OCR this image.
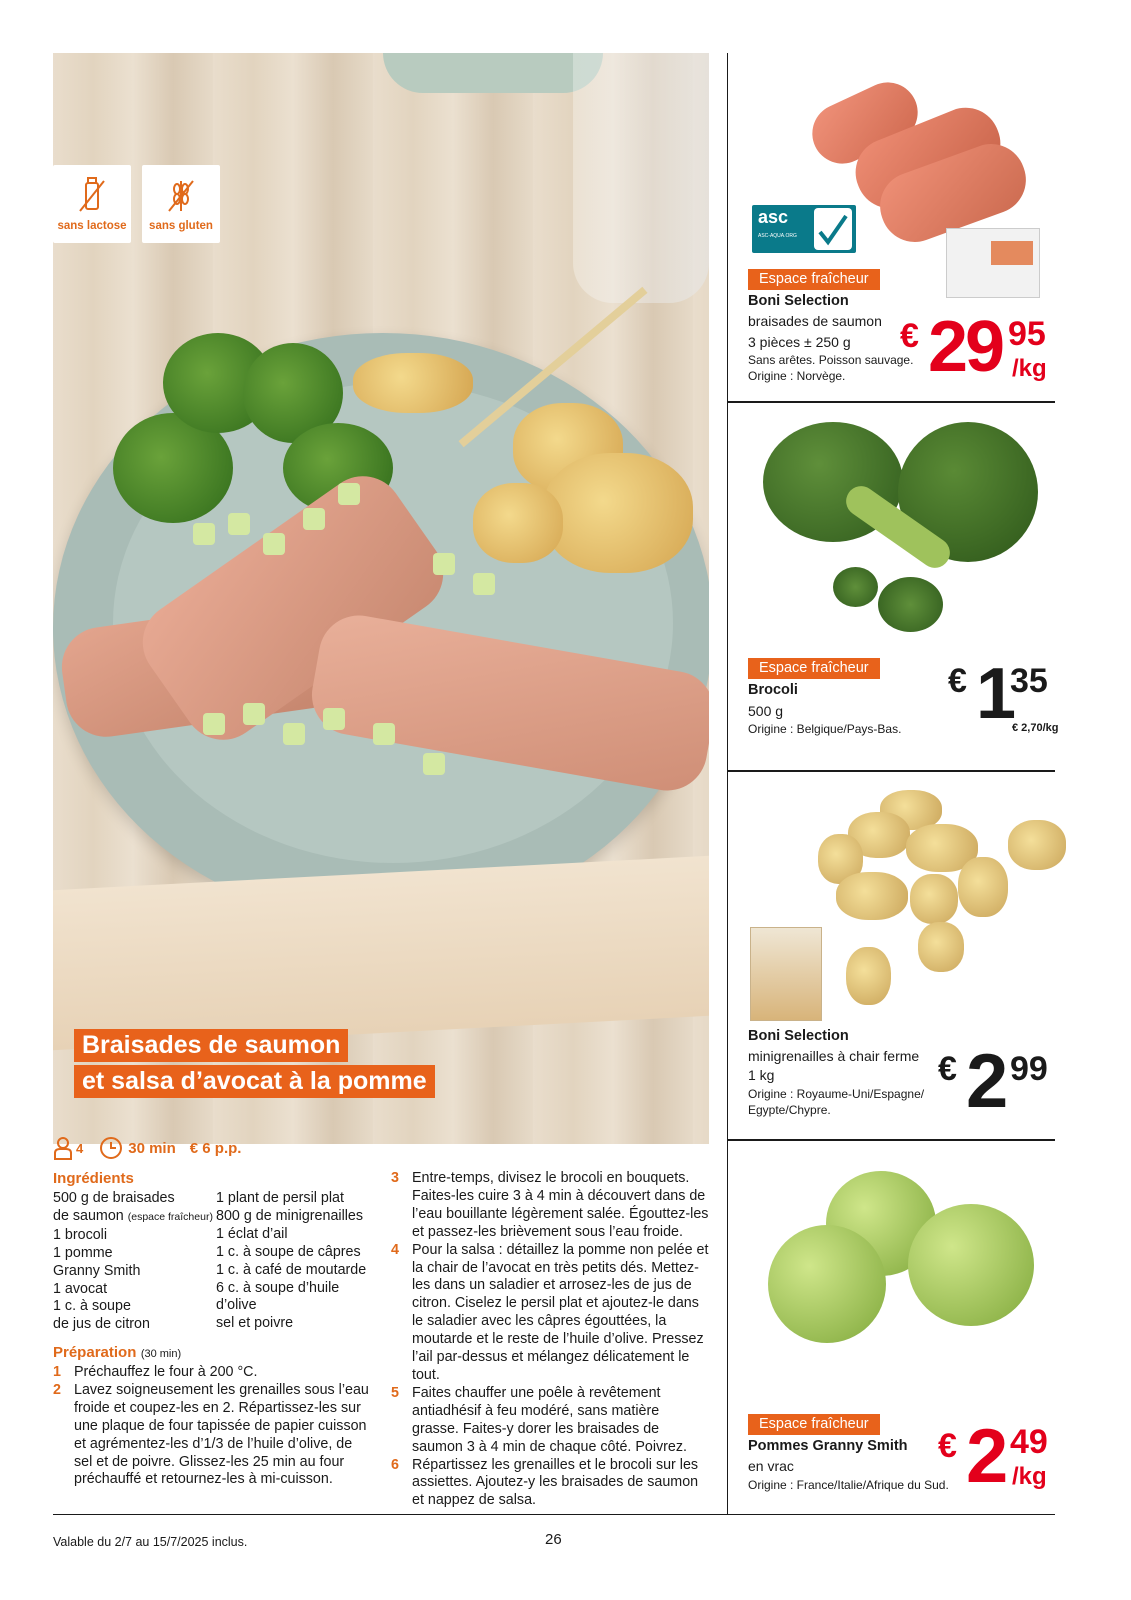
sans lactose	sans gluten
Braisades de saumon
et salsa d’avocat à la pomme
4	30 min € 6 p.p.
Ingrédients
500 g de braisades
de saumon (espace fraîcheur)
1 brocoli
1 pomme
Granny Smith
1 avocat
1 c. à soupe
de jus de citron
1 plant de persil plat
800 g de minigrenailles
1 éclat d’ail
1 c. à soupe de câpres
1 c. à café de moutarde
6 c. à soupe d’huile
d’olive
sel et poivre
Préparation (30 min)
1 Préchauffez le four à 200 °C.
2 Lavez soigneusement les grenailles sous l’eau froide et coupez-les en 2. Répartissez-les sur une plaque de four tapissée de papier cuisson et agrémentez-les d’1/3 de l’huile d’olive, de sel et de poivre. Glissez-les 25 min au four préchauffé et retournez-les à mi-cuisson.
3 Entre-temps, divisez le brocoli en bouquets. Faites-les cuire 3 à 4 min à découvert dans de l’eau bouillante légèrement salée. Égouttez-les et passez-les brièvement sous l’eau froide.
4 Pour la salsa : détaillez la pomme non pelée et la chair de l’avocat en très petits dés. Mettez-les dans un saladier et arrosez-les de jus de citron. Ciselez le persil plat et ajoutez-le dans le saladier avec les câpres égouttées, la moutarde et le reste de l’huile d’olive. Pressez l’ail par-dessus et mélangez délicatement le tout.
5 Faites chauffer une poêle à revêtement antiadhésif à feu modéré, sans matière grasse. Faites-y dorer les braisades de saumon 3 à 4 min de chaque côté. Poivrez.
6 Répartissez les grenailles et le brocoli sur les assiettes. Ajoutez-y les braisades de saumon et nappez de salsa.
asc
ASC-AQUA.ORG
Espace fraîcheur
Boni Selection
braisades de saumon
3 pièces ± 250 g
Sans arêtes. Poisson sauvage.
Origine : Norvège.
€ 29 95
/kg
Espace fraîcheur
Brocoli
500 g
Origine : Belgique/Pays-Bas.
€ 1
35
€ 2,70/kg
Boni Selection
minigrenailles à chair ferme
1 kg
Origine : Royaume-Uni/Espagne/
Egypte/Chypre.
€ 2 99
Espace fraîcheur
Pommes Granny Smith
en vrac
Origine : France/Italie/Afrique du Sud.
€ 2 49
/kg
Valable du 2/7 au 15/7/2025 inclus.	26
